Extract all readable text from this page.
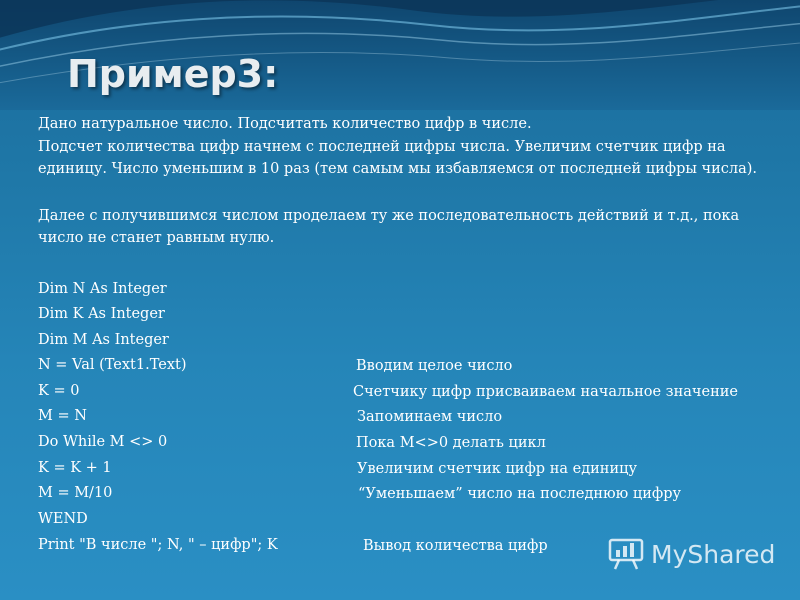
Пример3:

Дано натуральное число. Подсчитать количество цифр в числе.

Подсчет количества цифр начнем с последней цифры числа. Увеличим счетчик цифр на единицу. Число уменьшим в 10 раз (тем самым мы избавляемся от последней цифры числа).

Далее с получившимся числом проделаем ту же последовательность действий и т.д., пока число не станет равным нулю.

Dim N As Integer
Dim K As Integer
Dim M As Integer
N = Val (Text1.Text)	Вводим целое число
K = 0	Счетчику цифр присваиваем начальное значение
M = N	Запоминаем число
Do While M <> 0	Пока M<>0 делать цикл
K = K + 1	Увеличим счетчик цифр на единицу
M = M/10	“Уменьшаем” число на последнюю цифру
WEND
Print "В числе "; N, " – цифр"; K	Вывод количества цифр	MyShared
